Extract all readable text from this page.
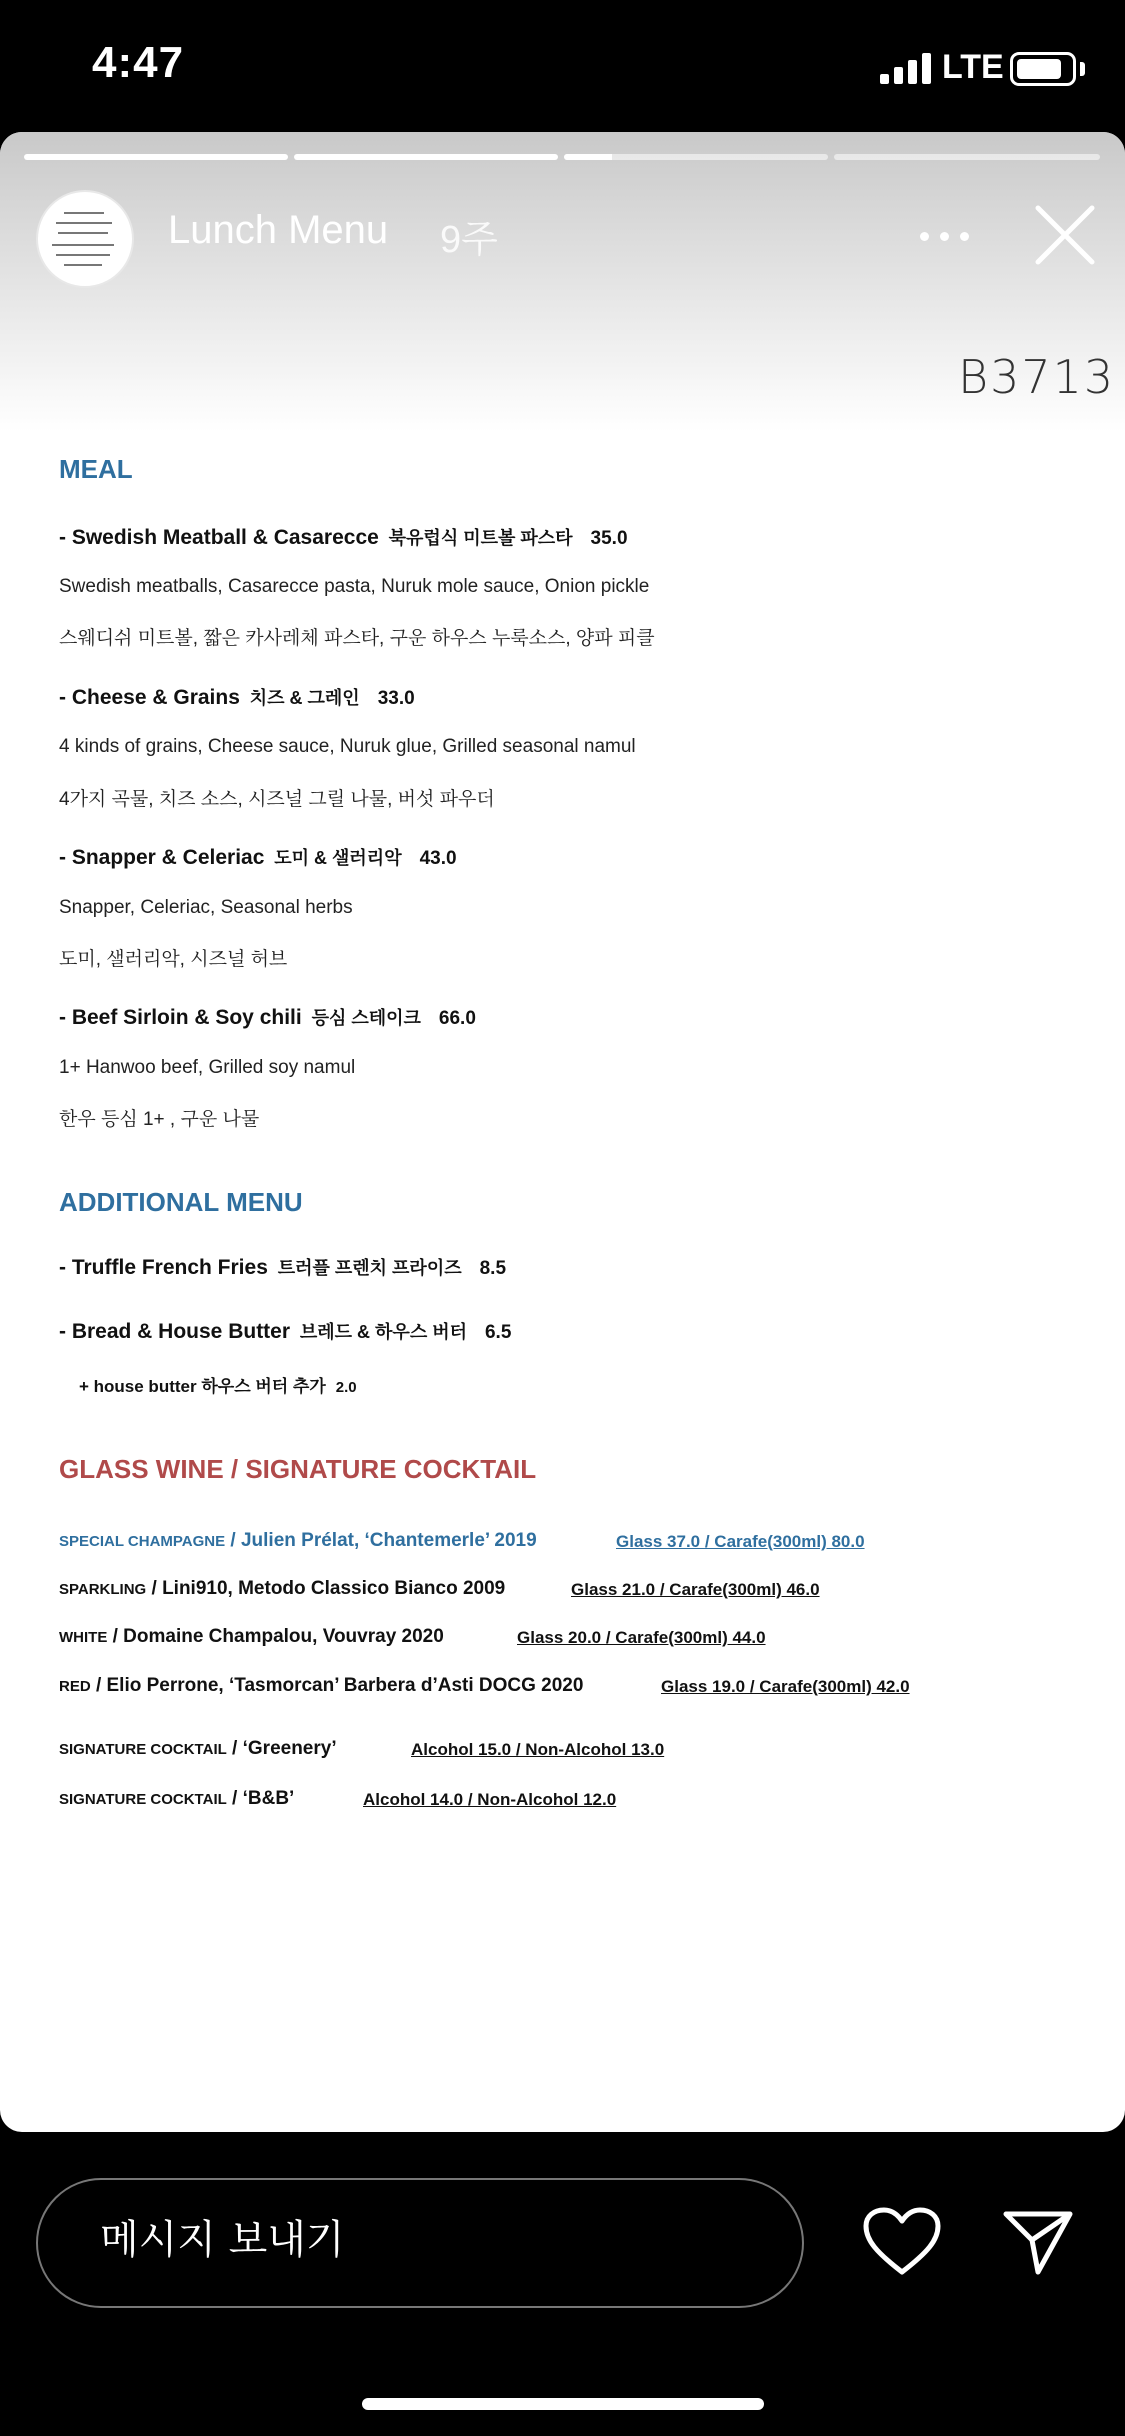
4:47	LTE
Lunch Menu 9주
B3713
MEAL
- Swedish Meatball & Casarecce 북유럽식 미트볼 파스타 35.0
Swedish meatballs, Casarecce pasta, Nuruk mole sauce, Onion pickle
스웨디쉬 미트볼, 짧은 카사레체 파스타, 구운 하우스 누룩소스, 양파 피클
- Cheese & Grains 치즈 & 그레인 33.0
4 kinds of grains, Cheese sauce, Nuruk glue, Grilled seasonal namul
4가지 곡물, 치즈 소스, 시즈널 그릴 나물, 버섯 파우더
- Snapper & Celeriac 도미 & 샐러리악 43.0
Snapper, Celeriac, Seasonal herbs
도미, 샐러리악, 시즈널 허브
- Beef Sirloin & Soy chili 등심 스테이크 66.0
1+ Hanwoo beef, Grilled soy namul
한우 등심 1+ , 구운 나물
ADDITIONAL MENU
- Truffle French Fries 트러플 프렌치 프라이즈 8.5
- Bread & House Butter 브레드 & 하우스 버터 6.5
+ house butter 하우스 버터 추가 2.0
GLASS WINE / SIGNATURE COCKTAIL
SPECIAL CHAMPAGNE / Julien Prélat, ‘Chantemerle’ 2019	Glass 37.0 / Carafe(300ml) 80.0
SPARKLING / Lini910, Metodo Classico Bianco 2009	Glass 21.0 / Carafe(300ml) 46.0
WHITE / Domaine Champalou, Vouvray 2020	Glass 20.0 / Carafe(300ml) 44.0
RED / Elio Perrone, ‘Tasmorcan’ Barbera d’Asti DOCG 2020	Glass 19.0 / Carafe(300ml) 42.0
SIGNATURE COCKTAIL / ‘Greenery’	Alcohol 15.0 / Non-Alcohol 13.0
SIGNATURE COCKTAIL / ‘B&B’	Alcohol 14.0 / Non-Alcohol 12.0
메시지 보내기
